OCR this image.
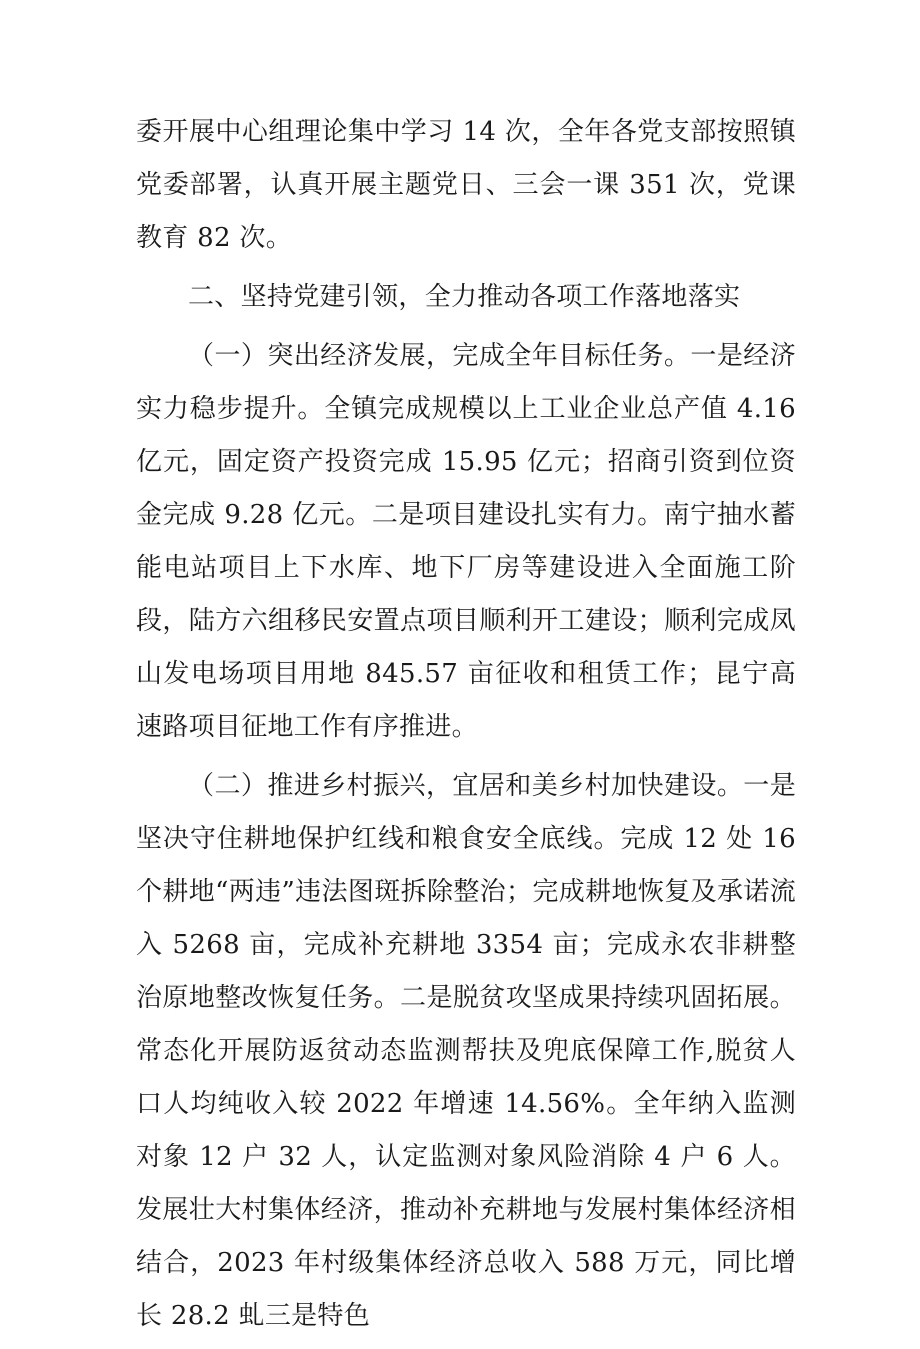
委开展中心组理论集中学习 14 次，全年各党支部按照镇党委部署，认真开展主题党日、三会一课 351 次，党课教育 82 次。

二、坚持党建引领，全力推动各项工作落地落实

（一）突出经济发展，完成全年目标任务。一是经济实力稳步提升。全镇完成规模以上工业企业总产值 4.16 亿元，固定资产投资完成 15.95 亿元；招商引资到位资金完成 9.28 亿元。二是项目建设扎实有力。南宁抽水蓄能电站项目上下水库、地下厂房等建设进入全面施工阶段，陆方六组移民安置点项目顺利开工建设；顺利完成凤山发电场项目用地 845.57 亩征收和租赁工作；昆宁高速路项目征地工作有序推进。

（二）推进乡村振兴，宜居和美乡村加快建设。一是坚决守住耕地保护红线和粮食安全底线。完成 12 处 16 个耕地“两违”违法图斑拆除整治；完成耕地恢复及承诺流入 5268 亩，完成补充耕地 3354 亩；完成永农非耕整治原地整改恢复任务。二是脱贫攻坚成果持续巩固拓展。常态化开展防返贫动态监测帮扶及兜底保障工作,脱贫人口人均纯收入较 2022 年增速 14.56%。全年纳入监测对象 12 户 32 人，认定监测对象风险消除 4 户 6 人。发展壮大村集体经济，推动补充耕地与发展村集体经济相结合，2023 年村级集体经济总收入 588 万元，同比增长 28.2 虬三是特色
